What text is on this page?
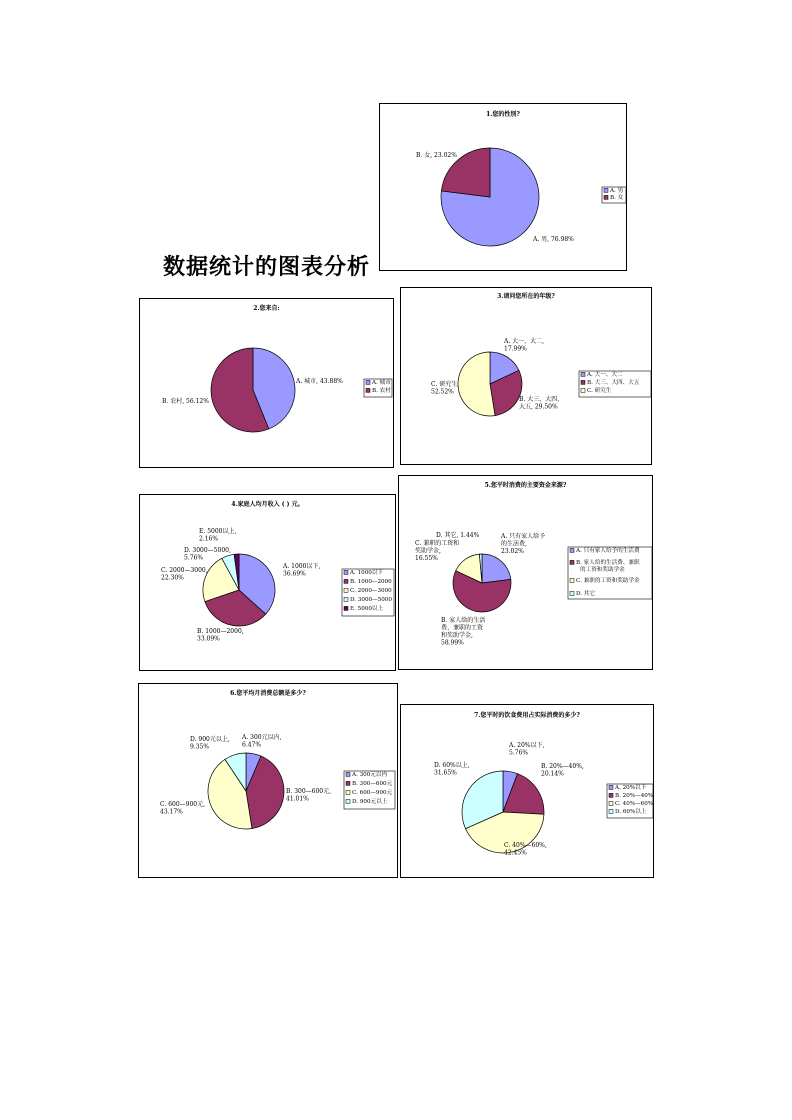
数据统计的图表分析
1.您的性别?
A. 男, 76.98%
B. 女, 23.02%
A. 男
B. 女
2.您来自:
A. 城市, 43.88%
B. 农村, 56.12%
A. 城市
B. 农村
3.请问您所在的年级?
A. 大一、大二, 17.99%
B. 大三、大四、大五, 29.50%
C. 研究生, 52.52%
A. 大一、大二
B. 大三、大四、大五
C. 研究生
4.家庭人均月收入 ( ) 元。
A. 1000以下, 36.69%
B. 1000—2000, 33.09%
C. 2000—3000, 22.30%
D. 3000—5000, 5.76%
E. 5000以上, 2.16%
A. 1000以下
B. 1000—2000
C. 2000—3000
D. 3000—5000
E. 5000以上
5.您平时消费的主要资金来源?
A. 只有家人给予的生活费, 23.02%
B. 家人给的生活费、兼职的工资和奖助学金, 58.99%
C. 兼职的工资和奖助学金, 16.55%
D. 其它, 1.44%
A. 只有家人给予的生活费
B. 家人给的生活费、兼职的工资和奖助学金
C. 兼职的工资和奖助学金
D. 其它
6.您平均月消费总额是多少?
A. 300元以内, 6.47%
B. 300—600元, 41.01%
C. 600—900元, 43.17%
D. 900元以上, 9.35%
A. 300元以内
B. 300—600元
C. 600—900元
D. 900元以上
7.您平时的饮食费用占实际消费的多少?
A. 20%以下, 5.76%
B. 20%—40%, 20.14%
C. 40%—60%, 42.45%
D. 60%以上, 31.65%
A. 20%以下
B. 20%—40%
C. 40%—60%
D. 60%以上
